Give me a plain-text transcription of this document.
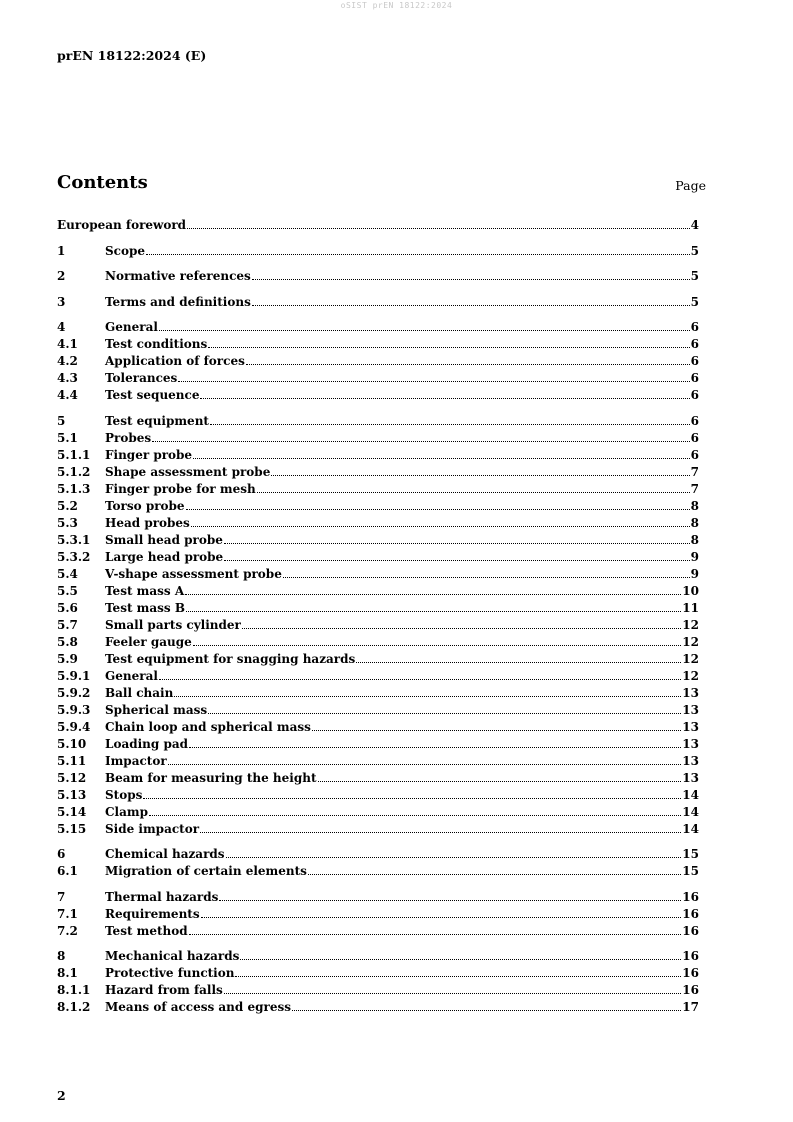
oSIST prEN 18122:2024
prEN 18122:2024 (E)
Contents	Page
European foreword	4
1	Scope	5
2	Normative references	5
3	Terms and definitions	5
4	General	6
4.1	Test conditions	6
4.2	Application of forces	6
4.3	Tolerances	6
4.4	Test sequence	6
5	Test equipment	6
5.1	Probes	6
5.1.1	Finger probe	6
5.1.2	Shape assessment probe	7
5.1.3	Finger probe for mesh	7
5.2	Torso probe	8
5.3	Head probes	8
5.3.1	Small head probe	8
5.3.2	Large head probe	9
5.4	V-shape assessment probe	9
5.5	Test mass A	10
5.6	Test mass B	11
5.7	Small parts cylinder	12
5.8	Feeler gauge	12
5.9	Test equipment for snagging hazards	12
5.9.1	General	12
5.9.2	Ball chain	13
5.9.3	Spherical mass	13
5.9.4	Chain loop and spherical mass	13
5.10	Loading pad	13
5.11	Impactor	13
5.12	Beam for measuring the height	13
5.13	Stops	14
5.14	Clamp	14
5.15	Side impactor	14
6	Chemical hazards	15
6.1	Migration of certain elements	15
7	Thermal hazards	16
7.1	Requirements	16
7.2	Test method	16
8	Mechanical hazards	16
8.1	Protective function	16
8.1.1	Hazard from falls	16
8.1.2	Means of access and egress	17
2
